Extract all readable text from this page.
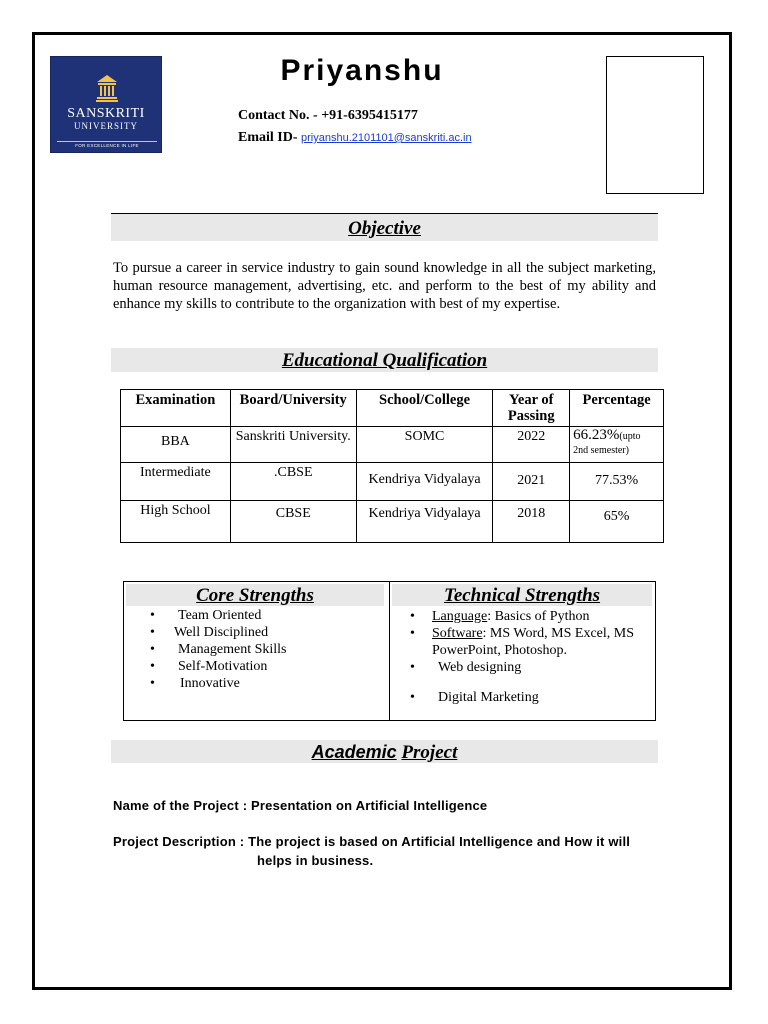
SANSKRITI
UNIVERSITY
FOR EXCELLENCE IN LIFE
Priyanshu
Contact No. - +91-6395415177
Email ID- priyanshu.2101101@sanskriti.ac.in
Objective
To pursue a career in service industry to gain sound knowledge in all the subject marketing, human resource management, advertising, etc. and perform to the best of my ability and enhance my skills to contribute to the organization with best of my expertise.
Educational Qualification
Examination	Board/University	School/College	Year of Passing	Percentage
BBA	Sanskriti University.	SOMC	2022	66.23%(upto
2nd semester)
Intermediate	.CBSE	Kendriya Vidyalaya	2021	77.53%
High School	CBSE	Kendriya Vidyalaya	2018	65%
Core Strengths	Technical Strengths
• Team Oriented
• Well Disciplined
• Management Skills
• Self-Motivation
• Innovative
• Language: Basics of Python
• Software: MS Word, MS Excel, MS PowerPoint, Photoshop.
• Web designing
• Digital Marketing
Academic Project
Name of the Project : Presentation on Artificial Intelligence
Project Description : The project is based on Artificial Intelligence and How it will
helps in business.
